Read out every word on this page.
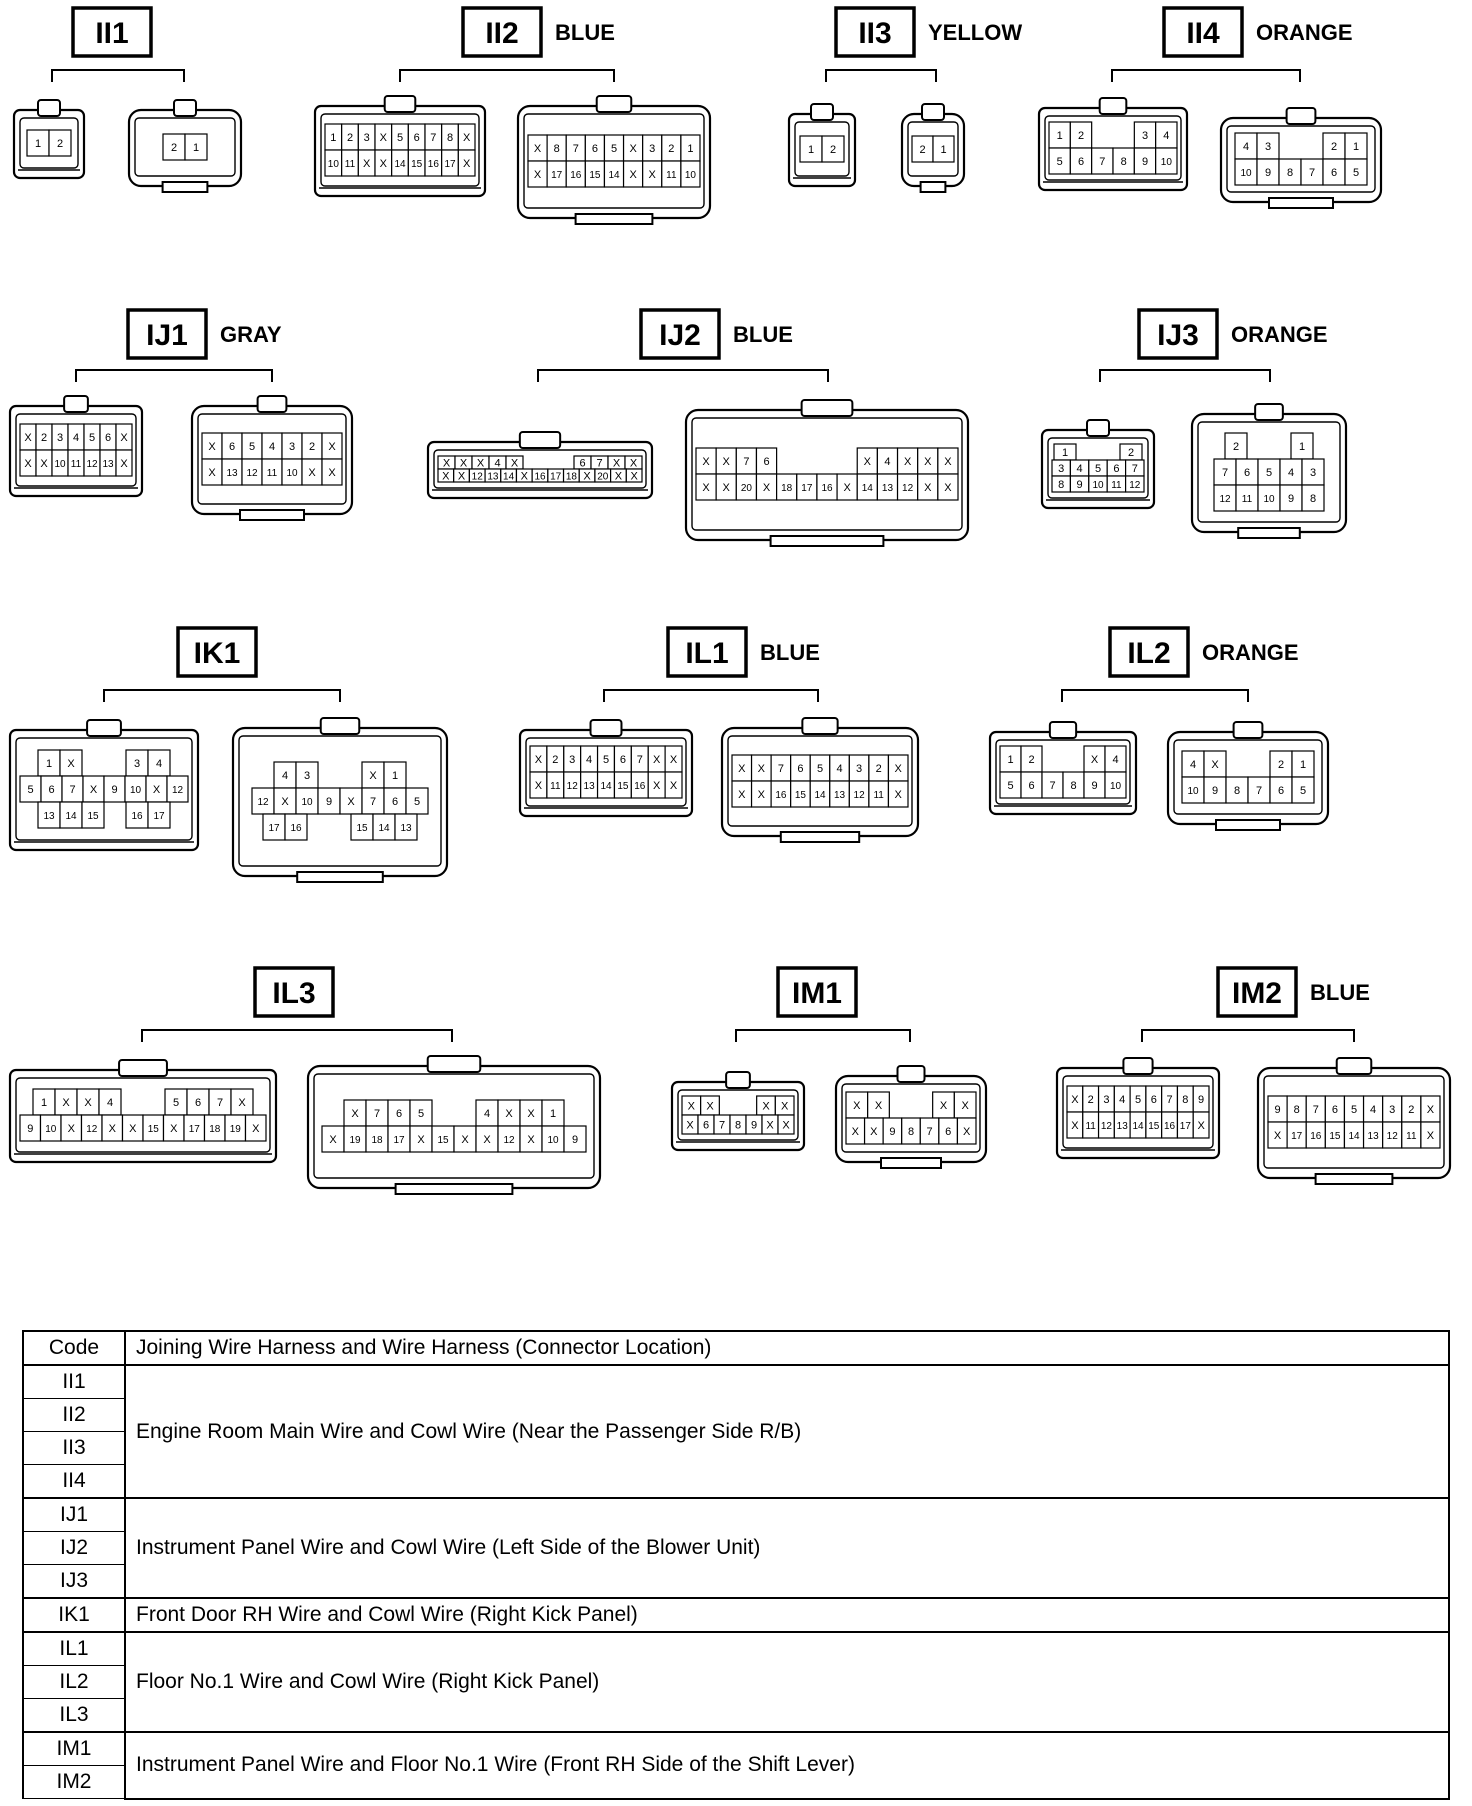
II1
1 2	2 1
II2 BLUE
1 2 3 X 5 6 7 8 X
10 11 X X 14 15 16 17 X
X 8 7 6 5 X 3 2 1
X 17 16 15 14 X X 11 10
II3 YELLOW
1 2	2 1
II4 ORANGE
1 2	3 4
5 6 7 8 9 10
4 3	2 1
10 9 8 7 6 5
IJ1 GRAY
X 2 3 4 5 6 X
X X 10 11 12 13 X
X 6 5 4 3 2 X
X 13 12 11 10 X X
IJ2 BLUE
X X X 4 X	6 7 X X
X X 12 13 14 X 16 17 18 X 20 X X
X X 7 6	X 4 X X X
X X 20 X 18 17 16 X 14 13 12 X X
IJ3 ORANGE
1	2
3 4 5 6 7
8 9 10 11 12
2	1
7 6 5 4 3
12 11 10 9 8
IK1
1 X	3 4
5 6 7 X 9 10 X 12
13 14 15	16 17
4 3	X 1
12 X 10 9 X 7 6 5
17 16	15 14 13
IL1 BLUE
X 2 3 4 5 6 7 X X
X 11 12 13 14 15 16 X X
X X 7 6 5 4 3 2 X
X X 16 15 14 13 12 11 X
IL2 ORANGE
1 2	X 4
5 6 7 8 9 10
4 X	2 1
10 9 8 7 6 5
IL3
1 X X 4	5 6 7 X
9 10 X 12 X X 15 X 17 18 19 X
X 7 6 5	4 X X 1
X 19 18 17 X 15 X X 12 X 10 9
IM1
X X	X X
X 6 7 8 9 X X
X X	X X
X X 9 8 7 6 X
IM2 BLUE
X 2 3 4 5 6 7 8 9
X 11 12 13 14 15 16 17 X
9 8 7 6 5 4 3 2 X
X 17 16 15 14 13 12 11 X
Code	Joining Wire Harness and Wire Harness (Connector Location)
II1	Engine Room Main Wire and Cowl Wire (Near the Passenger Side R/B)
II2	
II3	
II4	
IJ1	Instrument Panel Wire and Cowl Wire (Left Side of the Blower Unit)
IJ2	
IJ3	
IK1	Front Door RH Wire and Cowl Wire (Right Kick Panel)
IL1	Floor No.1 Wire and Cowl Wire (Right Kick Panel)
IL2	
IL3	
IM1	Instrument Panel Wire and Floor No.1 Wire (Front RH Side of the Shift Lever)
IM2	
